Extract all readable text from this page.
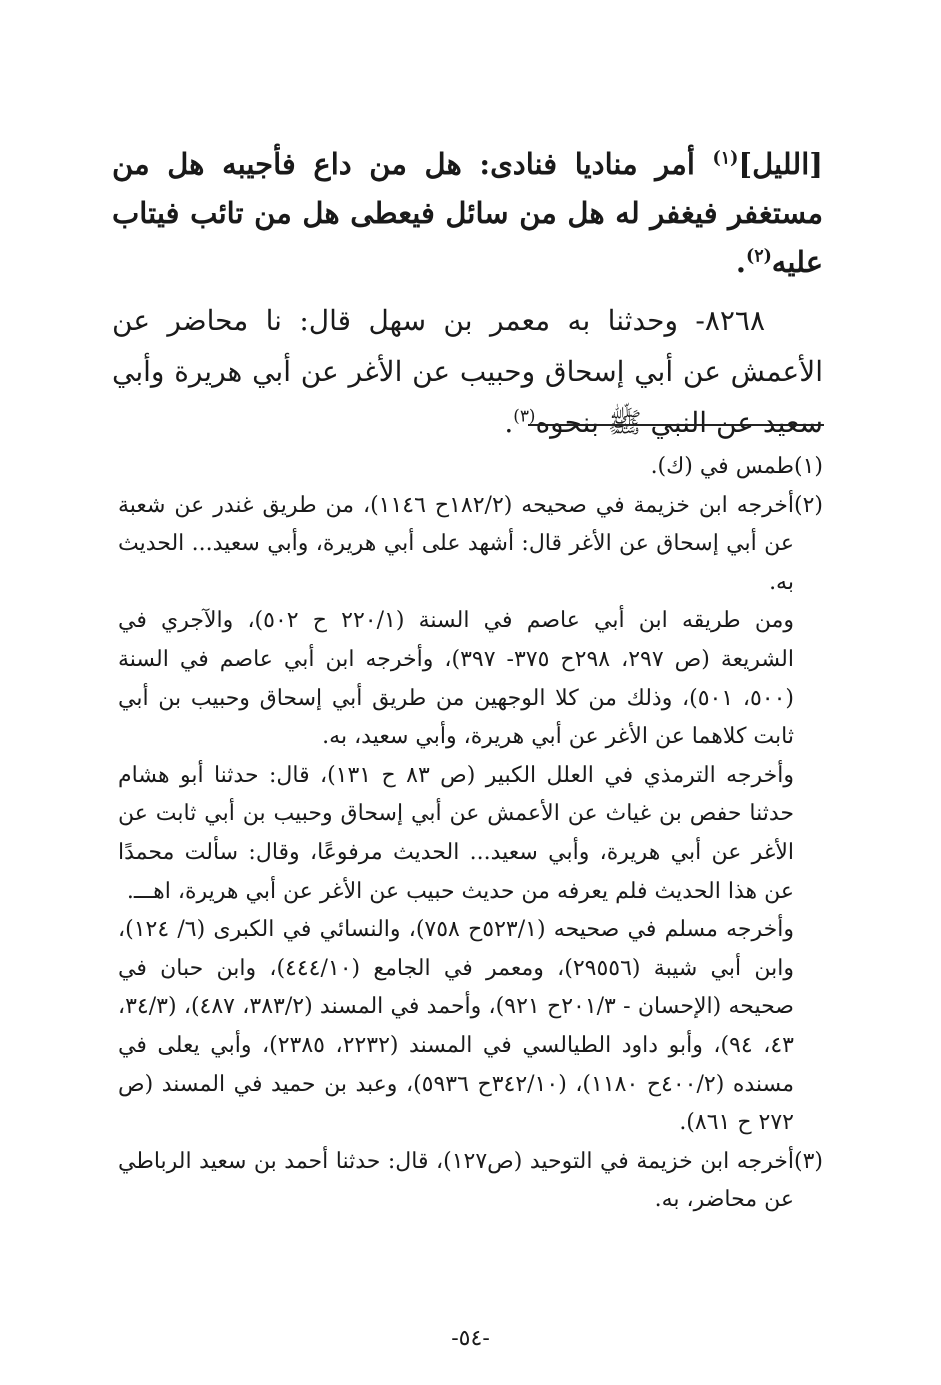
[الليل]$^{(١)}$ أمر مناديا فنادى: هل من داع فأجيبه هل من مستغفر فيغفر له هل من سائل فيعطى هل من تائب فيتاب عليه$^{(٢)}$.

٨٢٦٨- وحدثنا به معمر بن سهل قال: نا محاضر عن الأعمش عن أبي إسحاق وحبيب عن الأغر عن أبي هريرة وأبي سعيد عن النبي ﷺ بنحوه$^{(٣)}$.

(١)

طمس في (ك).

(٢)

أخرجه ابن خزيمة في صحيحه (١٨٢/٢ح ١١٤٦)، من طريق غندر عن شعبة عن أبي إسحاق عن الأغر قال: أشهد على أبي هريرة، وأبي سعيد... الحديث به.

ومن طريقه ابن أبي عاصم في السنة (٢٢٠/١ ح ٥٠٢)، والآجري في الشريعة (ص ٢٩٧، ٢٩٨ح ٣٧٥- ٣٩٧)، وأخرجه ابن أبي عاصم في السنة (٥٠٠، ٥٠١)، وذلك من كلا الوجهين من طريق أبي إسحاق وحبيب بن أبي ثابت كلاهما عن الأغر عن أبي هريرة، وأبي سعيد، به.

وأخرجه الترمذي في العلل الكبير (ص ٨٣ ح ١٣١)، قال: حدثنا أبو هشام حدثنا حفص بن غياث عن الأعمش عن أبي إسحاق وحبيب بن أبي ثابت عن الأغر عن أبي هريرة، وأبي سعيد... الحديث مرفوعًا، وقال: سألت محمدًا عن هذا الحديث فلم يعرفه من حديث حبيب عن الأغر عن أبي هريرة، اهـــ.

وأخرجه مسلم في صحيحه (٥٢٣/١ح ٧٥٨)، والنسائي في الكبرى (٦/ ١٢٤)، وابن أبي شيبة (٢٩٥٥٦)، ومعمر في الجامع (٤٤٤/١٠)، وابن حبان في صحيحه (الإحسان - ٢٠١/٣ح ٩٢١)، وأحمد في المسند (٣٨٣/٢، ٤٨٧)، (٣٤/٣، ٤٣، ٩٤)، وأبو داود الطيالسي في المسند (٢٢٣٢، ٢٣٨٥)، وأبي يعلى في مسنده (٤٠٠/٢ح ١١٨٠)، (٣٤٢/١٠ح ٥٩٣٦)، وعبد بن حميد في المسند (ص ٢٧٢ ح ٨٦١).

(٣)

أخرجه ابن خزيمة في التوحيد (ص١٢٧)، قال: حدثنا أحمد بن سعيد الرباطي عن محاضر، به.

-٥٤-
